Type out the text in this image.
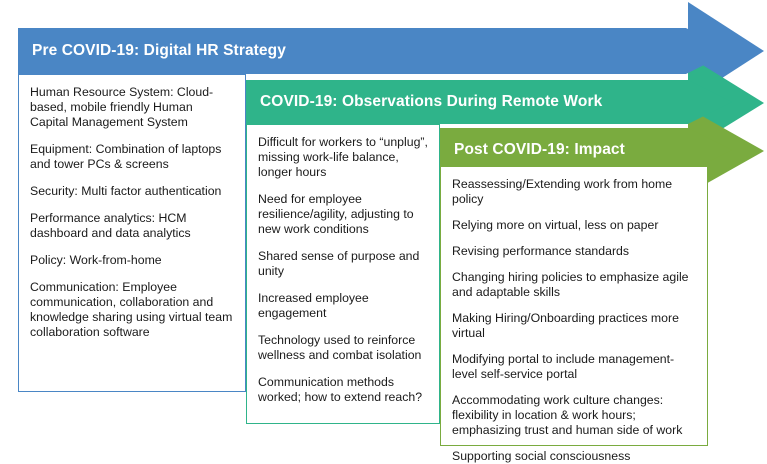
Pre COVID-19: Digital HR Strategy

Human Resource System: Cloud-based, mobile friendly Human Capital Management System

Equipment: Combination of laptops and tower PCs & screens

Security: Multi factor authentication

Performance analytics: HCM dashboard and data analytics

Policy: Work-from-home

Communication: Employee communication, collaboration and knowledge sharing using virtual team collaboration software

COVID-19: Observations During Remote Work

Difficult for workers to “unplug”, missing work-life balance, longer hours

Need for employee resilience/agility, adjusting to new work conditions

Shared sense of purpose and unity

Increased employee engagement

Technology used to reinforce wellness and combat isolation

Communication methods worked; how to extend reach?

Post COVID-19: Impact

Reassessing/Extending work from home policy

Relying more on virtual, less on paper

Revising performance standards

Changing hiring policies to emphasize agile and adaptable skills

Making Hiring/Onboarding practices more virtual

Modifying portal to include management-level self-service portal

Accommodating work culture changes: flexibility in location & work hours; emphasizing trust and human side of work

Supporting social consciousness
